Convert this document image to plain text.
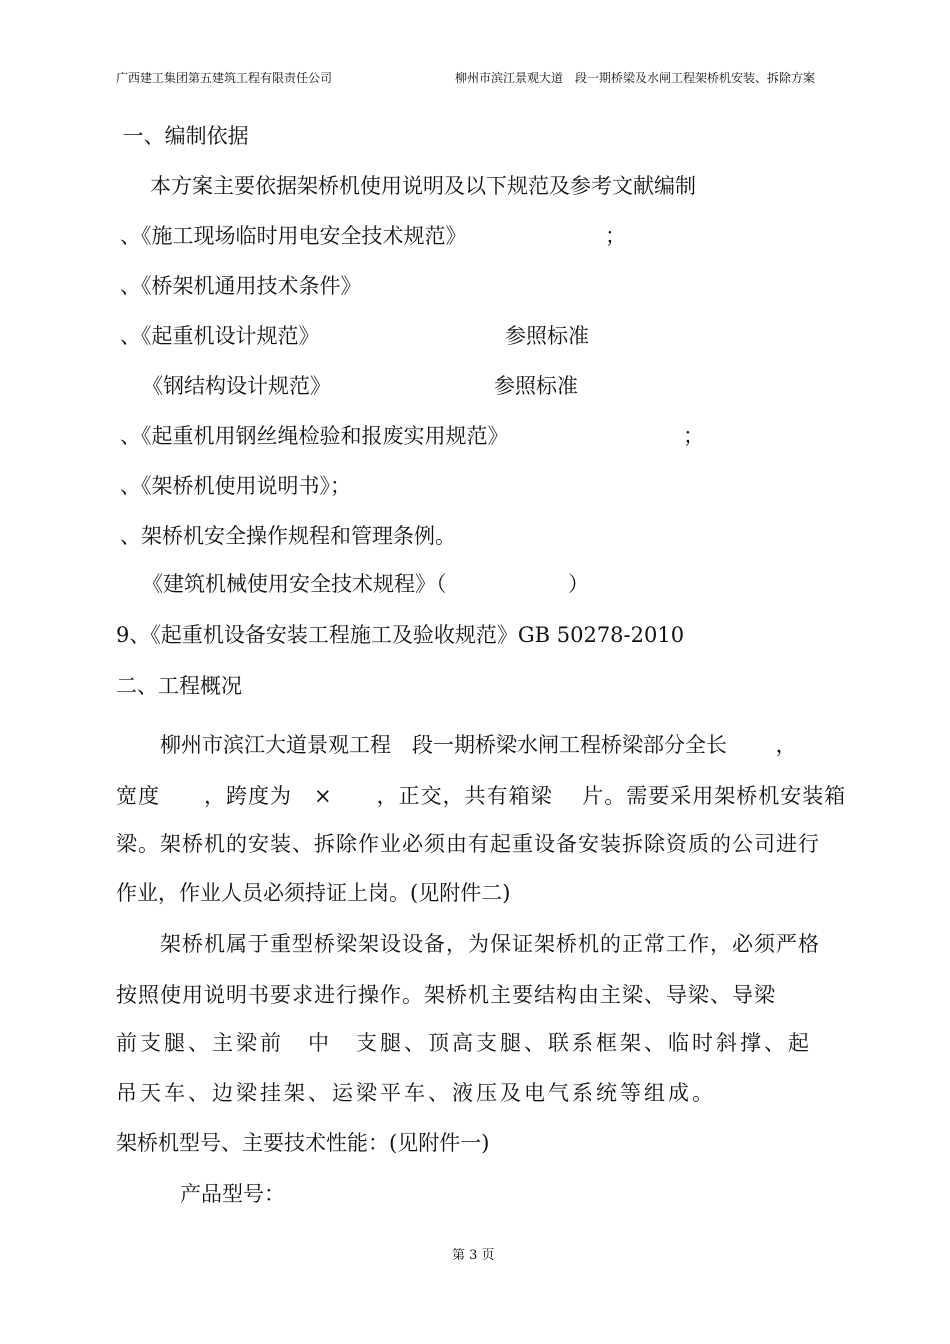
广西建工集团第五建筑工程有限责任公司	柳州市滨江景观大道　段一期桥梁及水闸工程架桥机安装、拆除方案
一、编制依据
本方案主要依据架桥机使用说明及以下规范及参考文献编制
、《施工现场临时用电安全技术规范》	；
、《桥架机通用技术条件》
、《起重机设计规范》	参照标准
《钢结构设计规范》	参照标准
、《起重机用钢丝绳检验和报废实用规范》	；
、《架桥机使用说明书》；
、架桥机安全操作规程和管理条例。
《建筑机械使用安全技术规程》（	）
9、《起重机设备安装工程施工及验收规范》GB 50278-2010
二、工程概况
柳州市滨江大道景观工程　段一期桥梁水闸工程桥梁部分全长　　 ，
宽度　　，跨度为　×　　，正交，共有箱梁　 片。需要采用架桥机安装箱
梁。架桥机的安装、拆除作业必须由有起重设备安装拆除资质的公司进行
作业，作业人员必须持证上岗。(见附件二)
架桥机属于重型桥梁架设设备，为保证架桥机的正常工作，必须严格
按照使用说明书要求进行操作。架桥机主要结构由主梁、导梁、导梁
前支腿、主梁前　中　支腿、顶高支腿、联系框架、临时斜撑、起
吊天车、边梁挂架、运梁平车、液压及电气系统等组成。
架桥机型号、主要技术性能：(见附件一)
产品型号：
第 3 页
